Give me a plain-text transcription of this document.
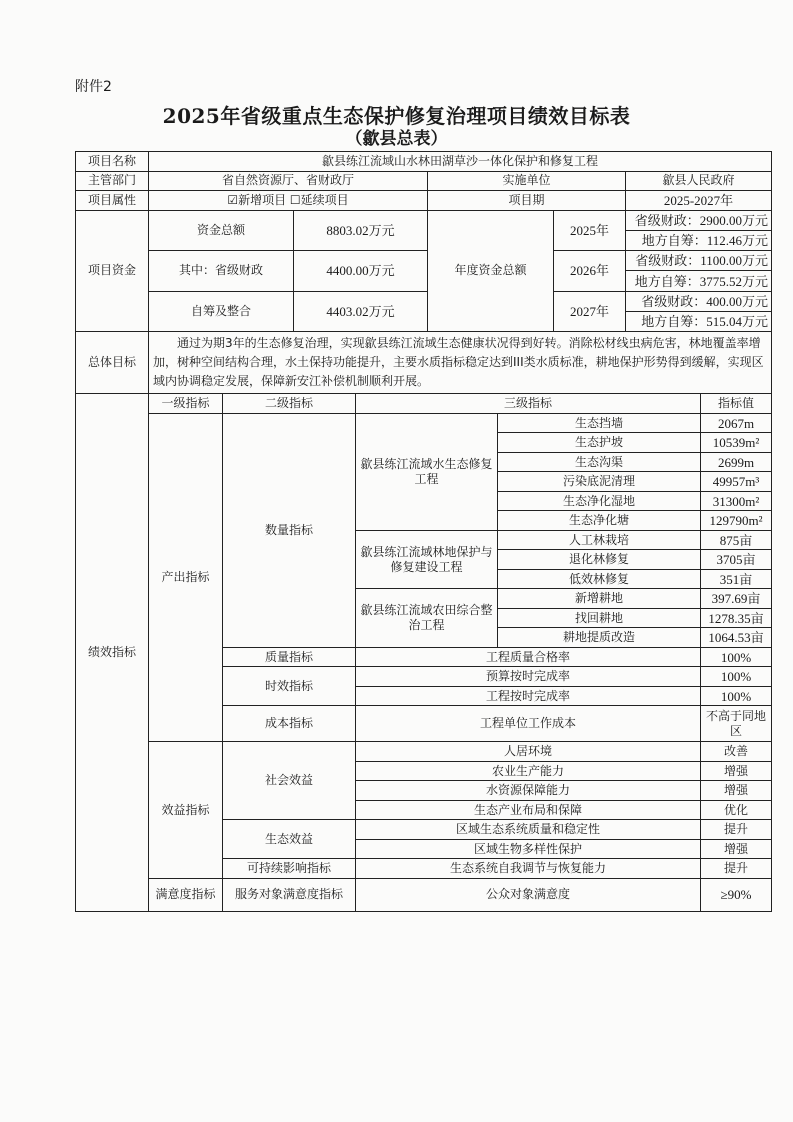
附件2
2025年省级重点生态保护修复治理项目绩效目标表
（歙县总表）
项目名称	歙县练江流域山水林田湖草沙一体化保护和修复工程								
主管部门	省自然资源厅、省财政厅				实施单位			歙县人民政府	
项目属性	☑新增项目 ☐延续项目				项目期			2025-2027年	
项目资金	资金总额		8803.02万元		年度资金总额		2025年	省级财政：2900.00万元	
								地方自筹：112.46万元	
	其中：省级财政		4400.00万元				2026年	省级财政：1100.00万元	
								地方自筹：3775.52万元	
	自筹及整合		4403.02万元				2027年	省级财政：400.00万元	
								地方自筹：515.04万元	
总体目标	　　通过为期3年的生态修复治理，实现歙县练江流域生态健康状况得到好转。消除松材线虫病危害，林地覆盖率增加，树种空间结构合理，水土保持功能提升，主要水质指标稳定达到III类水质标准，耕地保护形势得到缓解，实现区域内协调稳定发展，保障新安江补偿机制顺利开展。								
绩效指标	一级指标	二级指标		三级指标					指标值
	产出指标	数量指标		歙县练江流域水生态修复工程		生态挡墙			2067m
						生态护坡			10539m²
						生态沟渠			2699m
						污染底泥清理			49957m³
						生态净化湿地			31300m²
						生态净化塘			129790m²
				歙县练江流域林地保护与修复建设工程		人工林栽培			875亩
						退化林修复			3705亩
						低效林修复			351亩
				歙县练江流域农田综合整治工程		新增耕地			397.69亩
						找回耕地			1278.35亩
						耕地提质改造			1064.53亩
		质量指标		工程质量合格率					100%
		时效指标		预算按时完成率					100%
				工程按时完成率					100%
		成本指标		工程单位工作成本					不高于同地区
	效益指标	社会效益		人居环境					改善
				农业生产能力					增强
				水资源保障能力					增强
				生态产业布局和保障					优化
		生态效益		区域生态系统质量和稳定性					提升
				区域生物多样性保护					增强
		可持续影响指标		生态系统自我调节与恢复能力					提升
	满意度指标	服务对象满意度指标		公众对象满意度					≥90%
